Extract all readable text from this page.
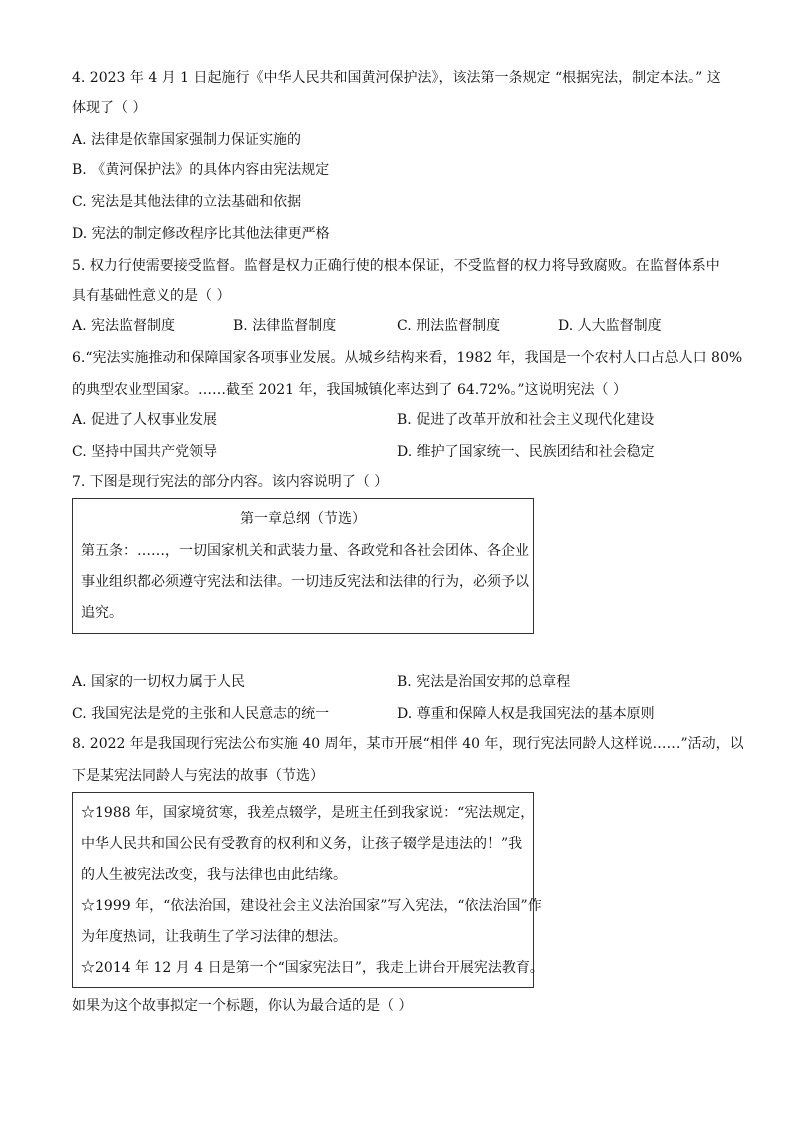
4. 2023 年 4 月 1 日起施行《中华人民共和国黄河保护法》，该法第一条规定 “根据宪法，制定本法。” 这
体现了（ ）
A. 法律是依靠国家强制力保证实施的
B. 《黄河保护法》的具体内容由宪法规定
C. 宪法是其他法律的立法基础和依据
D. 宪法的制定修改程序比其他法律更严格
5. 权力行使需要接受监督。监督是权力正确行使的根本保证，不受监督的权力将导致腐败。在监督体系中
具有基础性意义的是（ ）
A. 宪法监督制度	B. 法律监督制度	C. 刑法监督制度	D. 人大监督制度
6.“宪法实施推动和保障国家各项事业发展。从城乡结构来看，1982 年，我国是一个农村人口占总人口 80%
的典型农业型国家。……截至 2021 年，我国城镇化率达到了 64.72%。”这说明宪法（ ）
A. 促进了人权事业发展	B. 促进了改革开放和社会主义现代化建设
C. 坚持中国共产党领导	D. 维护了国家统一、民族团结和社会稳定
7. 下图是现行宪法的部分内容。该内容说明了（ ）
第一章总纲（节选）
第五条：……，一切国家机关和武装力量、各政党和各社会团体、各企业
事业组织都必须遵守宪法和法律。一切违反宪法和法律的行为，必须予以
追究。
A. 国家的一切权力属于人民	B. 宪法是治国安邦的总章程
C. 我国宪法是党的主张和人民意志的统一	D. 尊重和保障人权是我国宪法的基本原则
8. 2022 年是我国现行宪法公布实施 40 周年，某市开展“相伴 40 年，现行宪法同龄人这样说……”活动，以
下是某宪法同龄人与宪法的故事（节选）
☆1988 年，国家境贫寒，我差点辍学，是班主任到我家说：“宪法规定，
中华人民共和国公民有受教育的权利和义务，让孩子辍学是违法的！”我
的人生被宪法改变，我与法律也由此结缘。
☆1999 年，“依法治国，建设社会主义法治国家”写入宪法，“依法治国”作
为年度热词，让我萌生了学习法律的想法。
☆2014 年 12 月 4 日是第一个“国家宪法日”，我走上讲台开展宪法教育。
如果为这个故事拟定一个标题，你认为最合适的是（ ）
